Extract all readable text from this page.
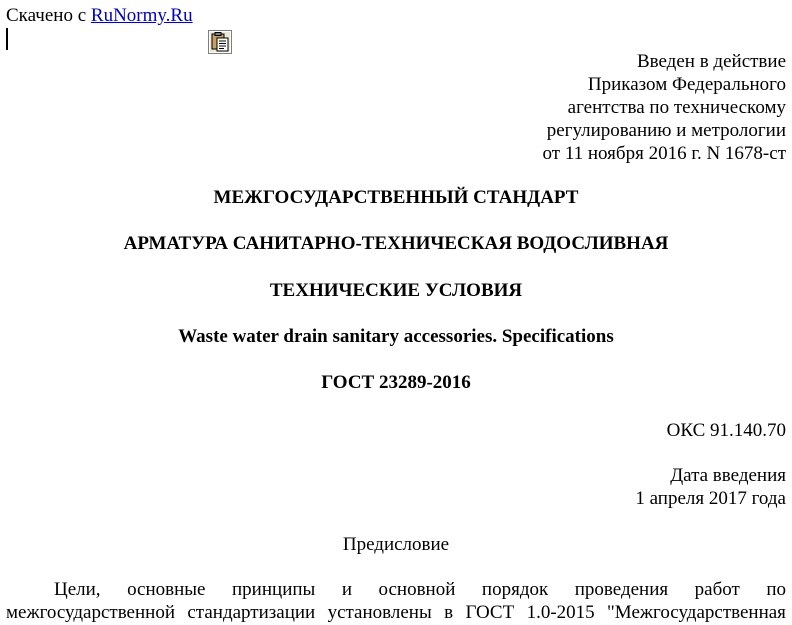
Скачено с RuNormy.Ru
Введен в действие
Приказом Федерального
агентства по техническому
регулированию и метрологии
от 11 ноября 2016 г. N 1678-ст
МЕЖГОСУДАРСТВЕННЫЙ СТАНДАРТ
АРМАТУРА САНИТАРНО-ТЕХНИЧЕСКАЯ ВОДОСЛИВНАЯ
ТЕХНИЧЕСКИЕ УСЛОВИЯ
Waste water drain sanitary accessories. Specifications
ГОСТ 23289-2016
ОКС 91.140.70
Дата введения
1 апреля 2017 года
Предисловие
Цели, основные принципы и основной порядок проведения работ по
межгосударственной стандартизации установлены в ГОСТ 1.0-2015 "Межгосударственная
